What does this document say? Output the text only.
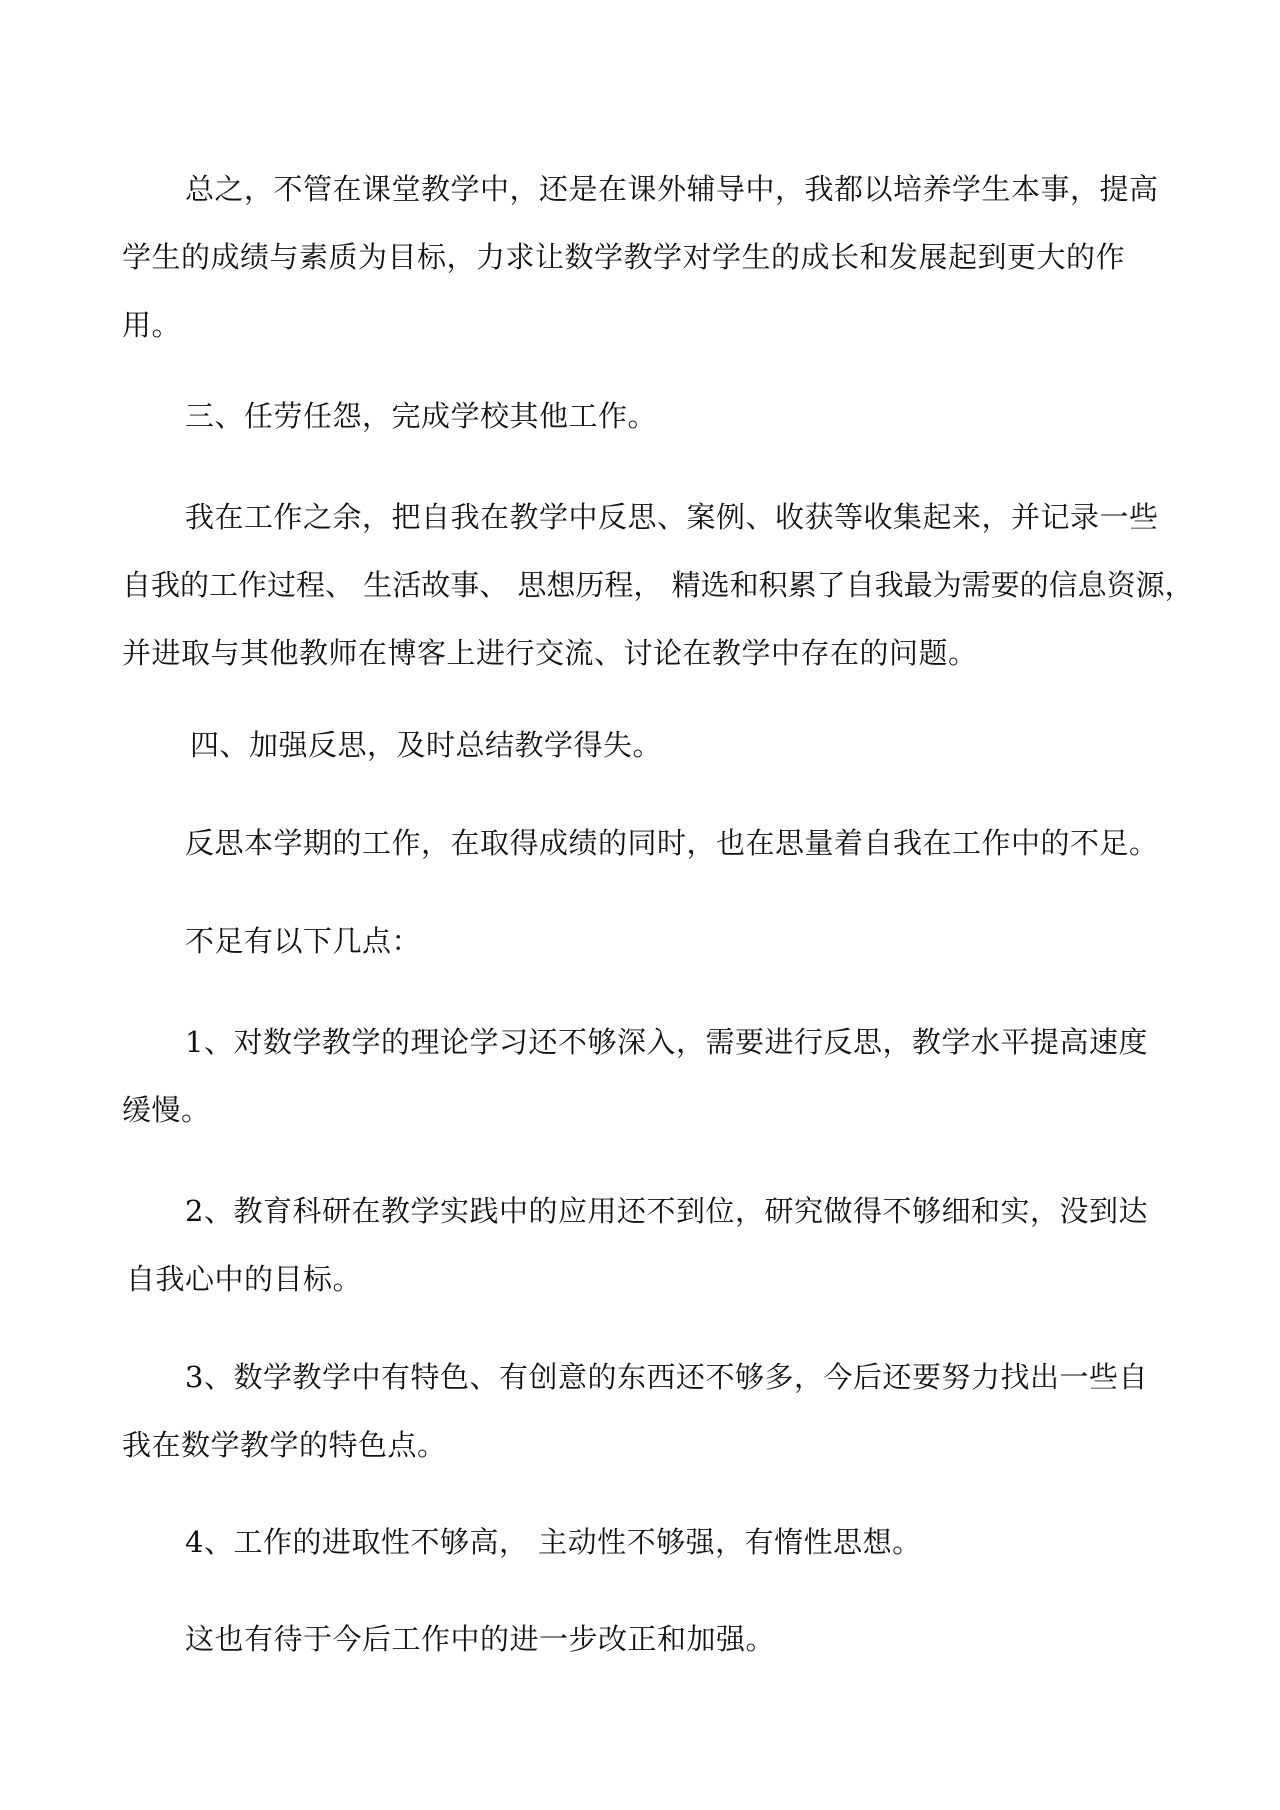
总之，不管在课堂教学中，还是在课外辅导中，我都以培养学生本事，提高
学生的成绩与素质为目标，力求让数学教学对学生的成长和发展起到更大的作
用。
三、任劳任怨，完成学校其他工作。
我在工作之余，把自我在教学中反思、案例、收获等收集起来，并记录一些
自我的工作过程、 生活故事、 思想历程， 精选和积累了自我最为需要的信息资源，
并进取与其他教师在博客上进行交流、讨论在教学中存在的问题。
四、加强反思，及时总结教学得失。
反思本学期的工作，在取得成绩的同时，也在思量着自我在工作中的不足。
不足有以下几点：
1、对数学教学的理论学习还不够深入，需要进行反思，教学水平提高速度
缓慢。
2、教育科研在教学实践中的应用还不到位，研究做得不够细和实，没到达
自我心中的目标。
3、数学教学中有特色、有创意的东西还不够多，今后还要努力找出一些自
我在数学教学的特色点。
4、工作的进取性不够高， 主动性不够强，有惰性思想。
这也有待于今后工作中的进一步改正和加强。
